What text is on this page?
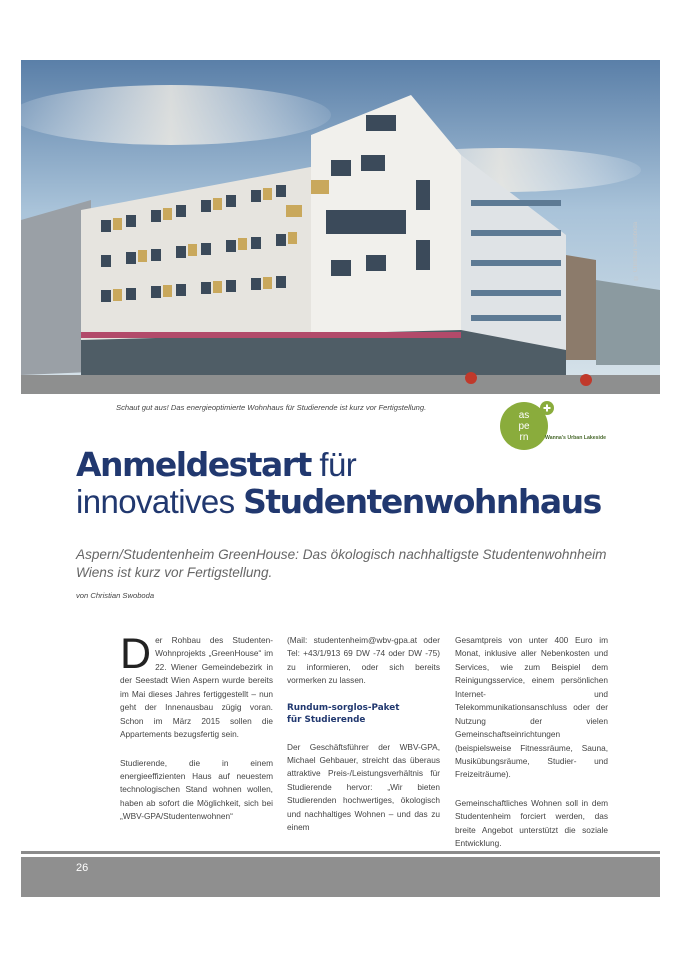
© Christian Swoboda
Schaut gut aus! Das energieoptimierte Wohnhaus für Studierende ist kurz vor Fertigstellung.
as
pe
rn	Wanna's Urban Lakeside
Anmeldestart für
innovatives Studentenwohnhaus

Aspern/Studentenheim GreenHouse: Das ökologisch nachhaltigste Studentenwohnheim Wiens ist kurz vor Fertigstellung.

von Christian Swoboda

Der Rohbau des Studenten-Wohnprojekts „GreenHouse“ im 22. Wiener Gemeindebezirk in der Seestadt Wien Aspern wurde bereits im Mai dieses Jahres fertiggestellt – nun geht der Innenausbau zügig voran. Schon im März 2015 sollen die Appartements bezugsfertig sein.

Studierende, die in einem energieeffizienten Haus auf neuestem technologischen Stand wohnen wollen, haben ab sofort die Möglichkeit, sich bei „WBV-GPA/Studentenwohnen“

(Mail: studentenheim@wbv-gpa.at oder Tel: +43/1/913 69 DW -74 oder DW -75) zu informieren, oder sich bereits vormerken zu lassen.

Rundum-sorglos-Paket
für Studierende

Der Geschäftsführer der WBV-GPA, Michael Gehbauer, streicht das überaus attraktive Preis-/Leistungsverhältnis für Studierende hervor: „Wir bieten Studierenden hochwertiges, ökologisch und nachhaltiges Wohnen – und das zu einem

Gesamtpreis von unter 400 Euro im Monat, inklusive aller Nebenkosten und Services, wie zum Beispiel dem Reinigungsservice, einem persönlichen Internet- und Telekommunikationsanschluss oder der Nutzung der vielen Gemeinschaftseinrichtungen (beispielsweise Fitnessräume, Sauna, Musikübungsräume, Studier- und Freizeiträume).

Gemeinschaftliches Wohnen soll in dem Studentenheim forciert werden, das breite Angebot unterstützt die soziale Entwicklung.

26
